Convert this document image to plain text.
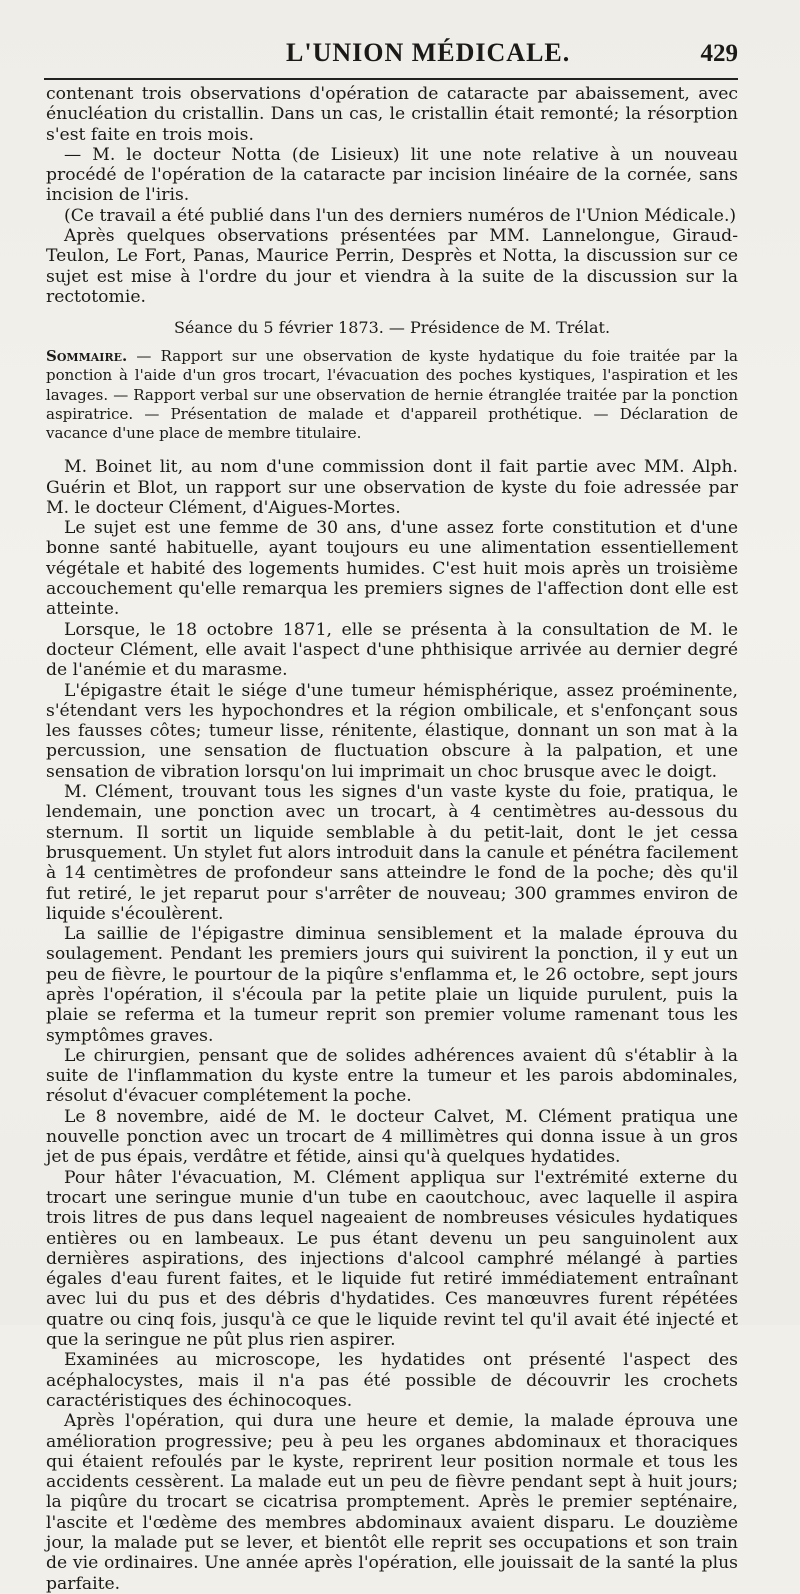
L'UNION MÉDICALE.	429

contenant trois observations d'opération de cataracte par abaissement, avec énucléation du cristallin. Dans un cas, le cristallin était remonté; la résorption s'est faite en trois mois.

— M. le docteur Notta (de Lisieux) lit une note relative à un nouveau procédé de l'opération de la cataracte par incision linéaire de la cornée, sans incision de l'iris.

(Ce travail a été publié dans l'un des derniers numéros de l'Union Médicale.)

Après quelques observations présentées par MM. Lannelongue, Giraud-Teulon, Le Fort, Panas, Maurice Perrin, Desprès et Notta, la discussion sur ce sujet est mise à l'ordre du jour et viendra à la suite de la discussion sur la rectotomie.

Séance du 5 février 1873. — Présidence de M. Trélat.

Sommaire. — Rapport sur une observation de kyste hydatique du foie traitée par la ponction à l'aide d'un gros trocart, l'évacuation des poches kystiques, l'aspiration et les lavages. — Rapport verbal sur une observation de hernie étranglée traitée par la ponction aspiratrice. — Présentation de malade et d'appareil prothétique. — Déclaration de vacance d'une place de membre titulaire.

M. Boinet lit, au nom d'une commission dont il fait partie avec MM. Alph. Guérin et Blot, un rapport sur une observation de kyste du foie adressée par M. le docteur Clément, d'Aigues-Mortes.

Le sujet est une femme de 30 ans, d'une assez forte constitution et d'une bonne santé habituelle, ayant toujours eu une alimentation essentiellement végétale et habité des logements humides. C'est huit mois après un troisième accouchement qu'elle remarqua les premiers signes de l'affection dont elle est atteinte.

Lorsque, le 18 octobre 1871, elle se présenta à la consultation de M. le docteur Clément, elle avait l'aspect d'une phthisique arrivée au dernier degré de l'anémie et du marasme.

L'épigastre était le siége d'une tumeur hémisphérique, assez proéminente, s'étendant vers les hypochondres et la région ombilicale, et s'enfonçant sous les fausses côtes; tumeur lisse, rénitente, élastique, donnant un son mat à la percussion, une sensation de fluctuation obscure à la palpation, et une sensation de vibration lorsqu'on lui imprimait un choc brusque avec le doigt.

M. Clément, trouvant tous les signes d'un vaste kyste du foie, pratiqua, le lendemain, une ponction avec un trocart, à 4 centimètres au-dessous du sternum. Il sortit un liquide semblable à du petit-lait, dont le jet cessa brusquement. Un stylet fut alors introduit dans la canule et pénétra facilement à 14 centimètres de profondeur sans atteindre le fond de la poche; dès qu'il fut retiré, le jet reparut pour s'arrêter de nouveau; 300 grammes environ de liquide s'écoulèrent.

La saillie de l'épigastre diminua sensiblement et la malade éprouva du soulagement. Pendant les premiers jours qui suivirent la ponction, il y eut un peu de fièvre, le pourtour de la piqûre s'enflamma et, le 26 octobre, sept jours après l'opération, il s'écoula par la petite plaie un liquide purulent, puis la plaie se referma et la tumeur reprit son premier volume ramenant tous les symptômes graves.

Le chirurgien, pensant que de solides adhérences avaient dû s'établir à la suite de l'inflammation du kyste entre la tumeur et les parois abdominales, résolut d'évacuer complétement la poche.

Le 8 novembre, aidé de M. le docteur Calvet, M. Clément pratiqua une nouvelle ponction avec un trocart de 4 millimètres qui donna issue à un gros jet de pus épais, verdâtre et fétide, ainsi qu'à quelques hydatides.

Pour hâter l'évacuation, M. Clément appliqua sur l'extrémité externe du trocart une seringue munie d'un tube en caoutchouc, avec laquelle il aspira trois litres de pus dans lequel nageaient de nombreuses vésicules hydatiques entières ou en lambeaux. Le pus étant devenu un peu sanguinolent aux dernières aspirations, des injections d'alcool camphré mélangé à parties égales d'eau furent faites, et le liquide fut retiré immédiatement entraînant avec lui du pus et des débris d'hydatides. Ces manœuvres furent répétées quatre ou cinq fois, jusqu'à ce que le liquide revint tel qu'il avait été injecté et que la seringue ne pût plus rien aspirer.

Examinées au microscope, les hydatides ont présenté l'aspect des acéphalocystes, mais il n'a pas été possible de découvrir les crochets caractéristiques des échinocoques.

Après l'opération, qui dura une heure et demie, la malade éprouva une amélioration progressive; peu à peu les organes abdominaux et thoraciques qui étaient refoulés par le kyste, reprirent leur position normale et tous les accidents cessèrent. La malade eut un peu de fièvre pendant sept à huit jours; la piqûre du trocart se cicatrisa promptement. Après le premier septénaire, l'ascite et l'œdème des membres abdominaux avaient disparu. Le douzième jour, la malade put se lever, et bientôt elle reprit ses occupations et son train de vie ordinaires. Une année après l'opération, elle jouissait de la santé la plus parfaite.
